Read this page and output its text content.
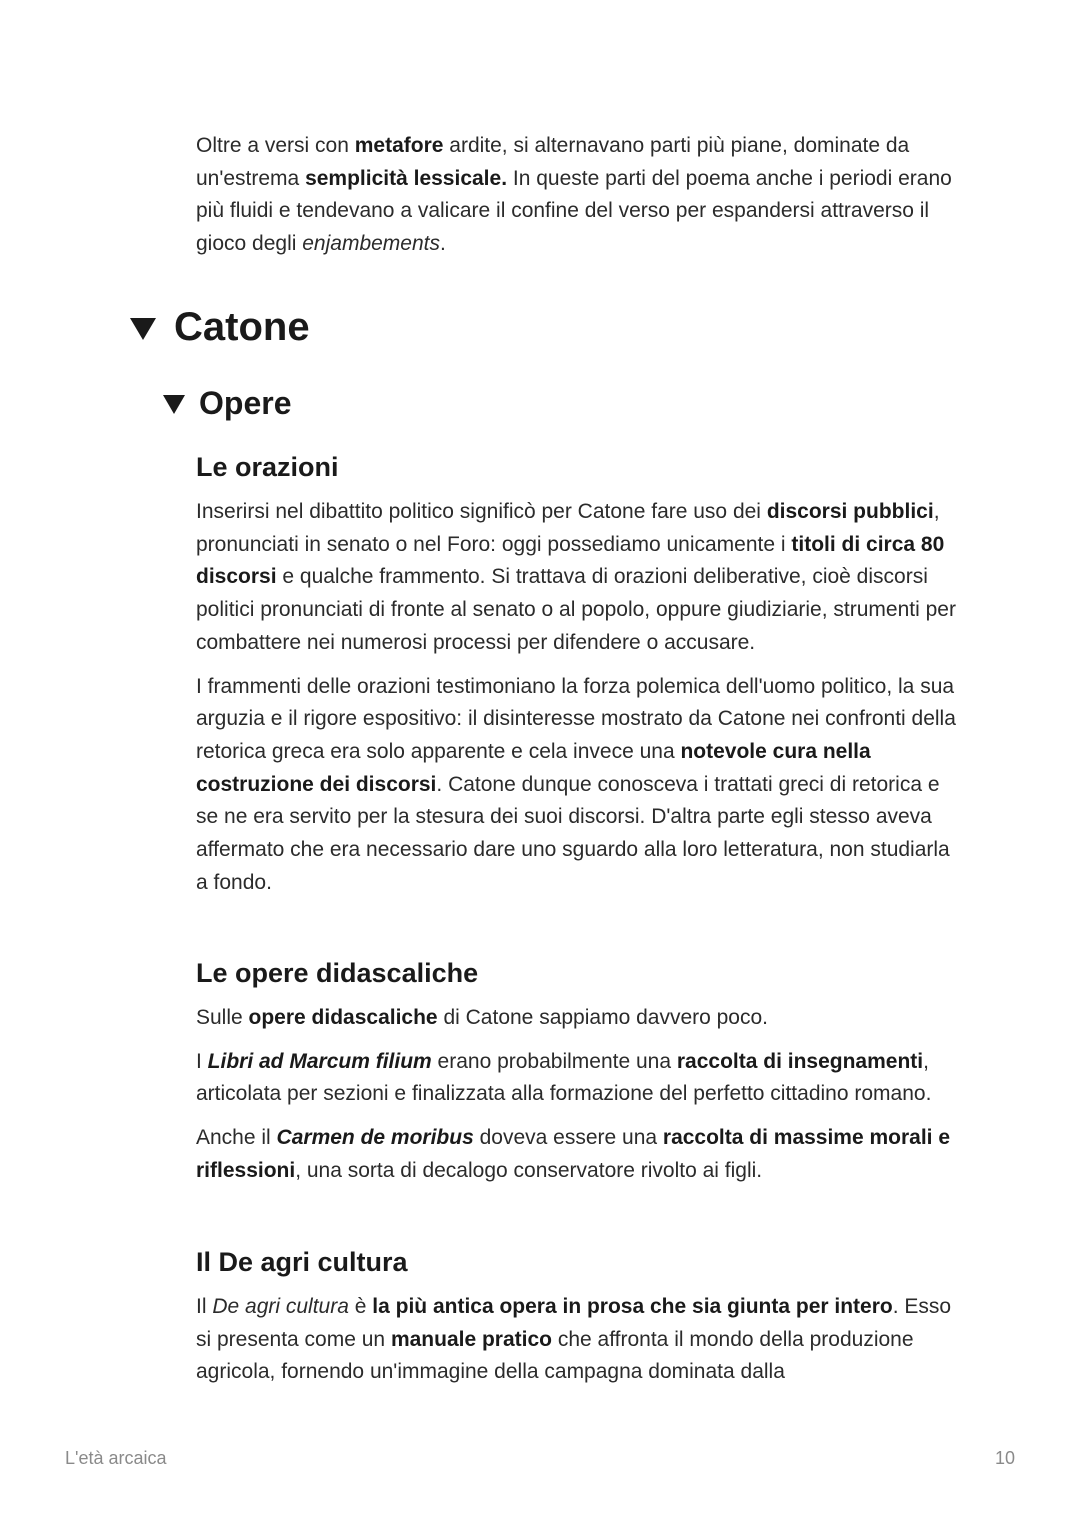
Oltre a versi con metafore ardite, si alternavano parti più piane, dominate da un'estrema semplicità lessicale. In queste parti del poema anche i periodi erano più fluidi e tendevano a valicare il confine del verso per espandersi attraverso il gioco degli enjambements.

Catone
Opere
Le orazioni

Inserirsi nel dibattito politico significò per Catone fare uso dei discorsi pubblici, pronunciati in senato o nel Foro: oggi possediamo unicamente i titoli di circa 80 discorsi e qualche frammento. Si trattava di orazioni deliberative, cioè discorsi politici pronunciati di fronte al senato o al popolo, oppure giudiziarie, strumenti per combattere nei numerosi processi per difendere o accusare.

I frammenti delle orazioni testimoniano la forza polemica dell'uomo politico, la sua arguzia e il rigore espositivo: il disinteresse mostrato da Catone nei confronti della retorica greca era solo apparente e cela invece una notevole cura nella costruzione dei discorsi. Catone dunque conosceva i trattati greci di retorica e se ne era servito per la stesura dei suoi discorsi. D'altra parte egli stesso aveva affermato che era necessario dare uno sguardo alla loro letteratura, non studiarla a fondo.

Le opere didascaliche

Sulle opere didascaliche di Catone sappiamo davvero poco.

I Libri ad Marcum filium erano probabilmente una raccolta di insegnamenti, articolata per sezioni e finalizzata alla formazione del perfetto cittadino romano.

Anche il Carmen de moribus doveva essere una raccolta di massime morali e riflessioni, una sorta di decalogo conservatore rivolto ai figli.

Il De agri cultura

Il De agri cultura è la più antica opera in prosa che sia giunta per intero. Esso si presenta come un manuale pratico che affronta il mondo della produzione agricola, fornendo un'immagine della campagna dominata dalla

L'età arcaica	10
